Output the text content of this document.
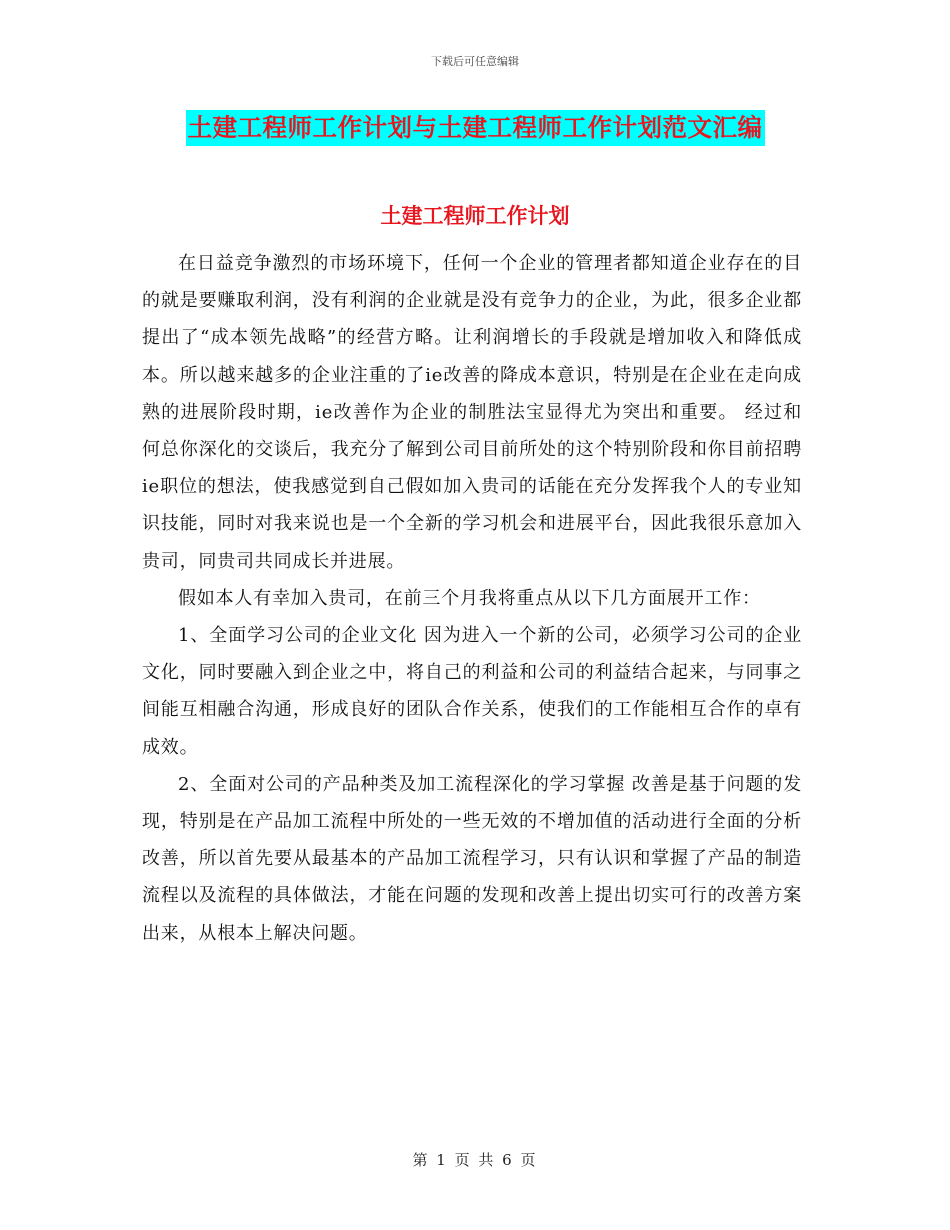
下载后可任意编辑
土建工程师工作计划与土建工程师工作计划范文汇编
土建工程师工作计划

在日益竞争激烈的市场环境下，任何一个企业的管理者都知道企业存在的目的就是要赚取利润，没有利润的企业就是没有竞争力的企业，为此，很多企业都提出了“成本领先战略”的经营方略。让利润增长的手段就是增加收入和降低成本。所以越来越多的企业注重的了ie改善的降成本意识，特别是在企业在走向成熟的进展阶段时期，ie改善作为企业的制胜法宝显得尤为突出和重要。 经过和何总你深化的交谈后，我充分了解到公司目前所处的这个特别阶段和你目前招聘ie职位的想法，使我感觉到自己假如加入贵司的话能在充分发挥我个人的专业知识技能，同时对我来说也是一个全新的学习机会和进展平台，因此我很乐意加入贵司，同贵司共同成长并进展。

假如本人有幸加入贵司，在前三个月我将重点从以下几方面展开工作：

1、全面学习公司的企业文化 因为进入一个新的公司，必须学习公司的企业文化，同时要融入到企业之中，将自己的利益和公司的利益结合起来，与同事之间能互相融合沟通，形成良好的团队合作关系，使我们的工作能相互合作的卓有成效。

2、全面对公司的产品种类及加工流程深化的学习掌握 改善是基于问题的发现，特别是在产品加工流程中所处的一些无效的不增加值的活动进行全面的分析改善，所以首先要从最基本的产品加工流程学习，只有认识和掌握了产品的制造流程以及流程的具体做法，才能在问题的发现和改善上提出切实可行的改善方案出来，从根本上解决问题。

第 1 页 共 6 页
